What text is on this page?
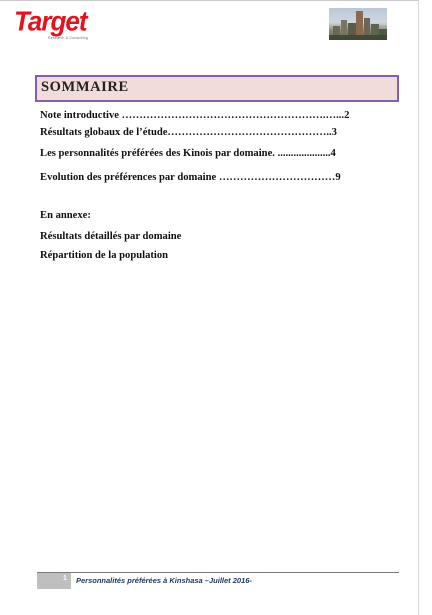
Target
Research & Consulting
SOMMAIRE
Note introductive ………………………………………………….…...2
Résultats globaux de l’étude………………………………………..3
Les personnalités préférées des Kinois par domaine. ....................4
Evolution des préférences par domaine ……………………………9
En annexe:
Résultats détaillés par domaine
Répartition de la population
1 Personnalités préférées à Kinshasa –Juillet 2016-
